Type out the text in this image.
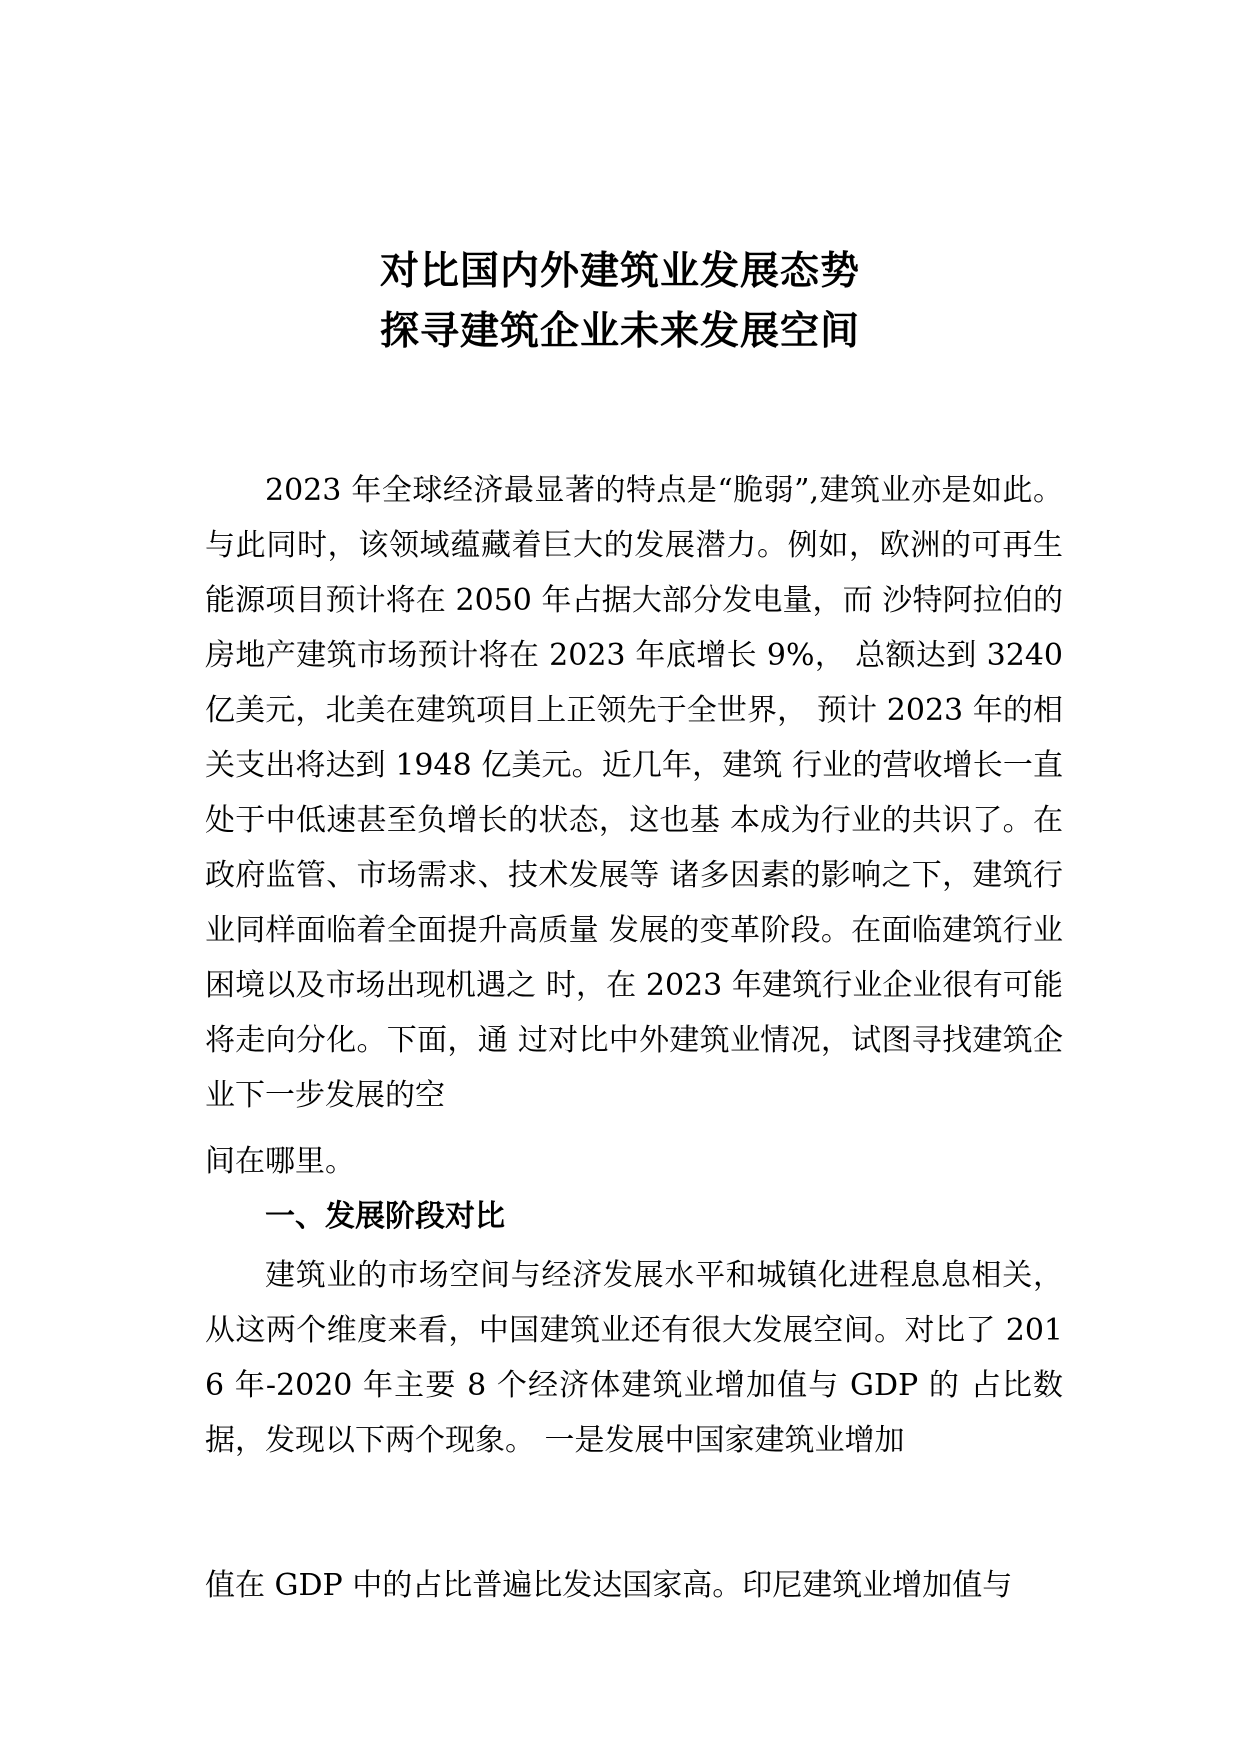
对比国内外建筑业发展态势
探寻建筑企业未来发展空间

2023 年全球经济最显著的特点是“脆弱”,建筑业亦是如此。与此同时，该领域蕴藏着巨大的发展潜力。例如，欧洲的可再生能源项目预计将在 2050 年占据大部分发电量，而 沙特阿拉伯的房地产建筑市场预计将在 2023 年底增长 9%， 总额达到 3240 亿美元，北美在建筑项目上正领先于全世界， 预计 2023 年的相关支出将达到 1948 亿美元。近几年，建筑 行业的营收增长一直处于中低速甚至负增长的状态，这也基 本成为行业的共识了。在政府监管、市场需求、技术发展等 诸多因素的影响之下，建筑行业同样面临着全面提升高质量 发展的变革阶段。在面临建筑行业困境以及市场出现机遇之 时，在 2023 年建筑行业企业很有可能将走向分化。下面，通 过对比中外建筑业情况，试图寻找建筑企业下一步发展的空

间在哪里。

一、发展阶段对比

建筑业的市场空间与经济发展水平和城镇化进程息息相关，从这两个维度来看，中国建筑业还有很大发展空间。对比了 2016 年-2020 年主要 8 个经济体建筑业增加值与 GDP 的 占比数据，发现以下两个现象。 一是发展中国家建筑业增加

值在 GDP 中的占比普遍比发达国家高。印尼建筑业增加值与
